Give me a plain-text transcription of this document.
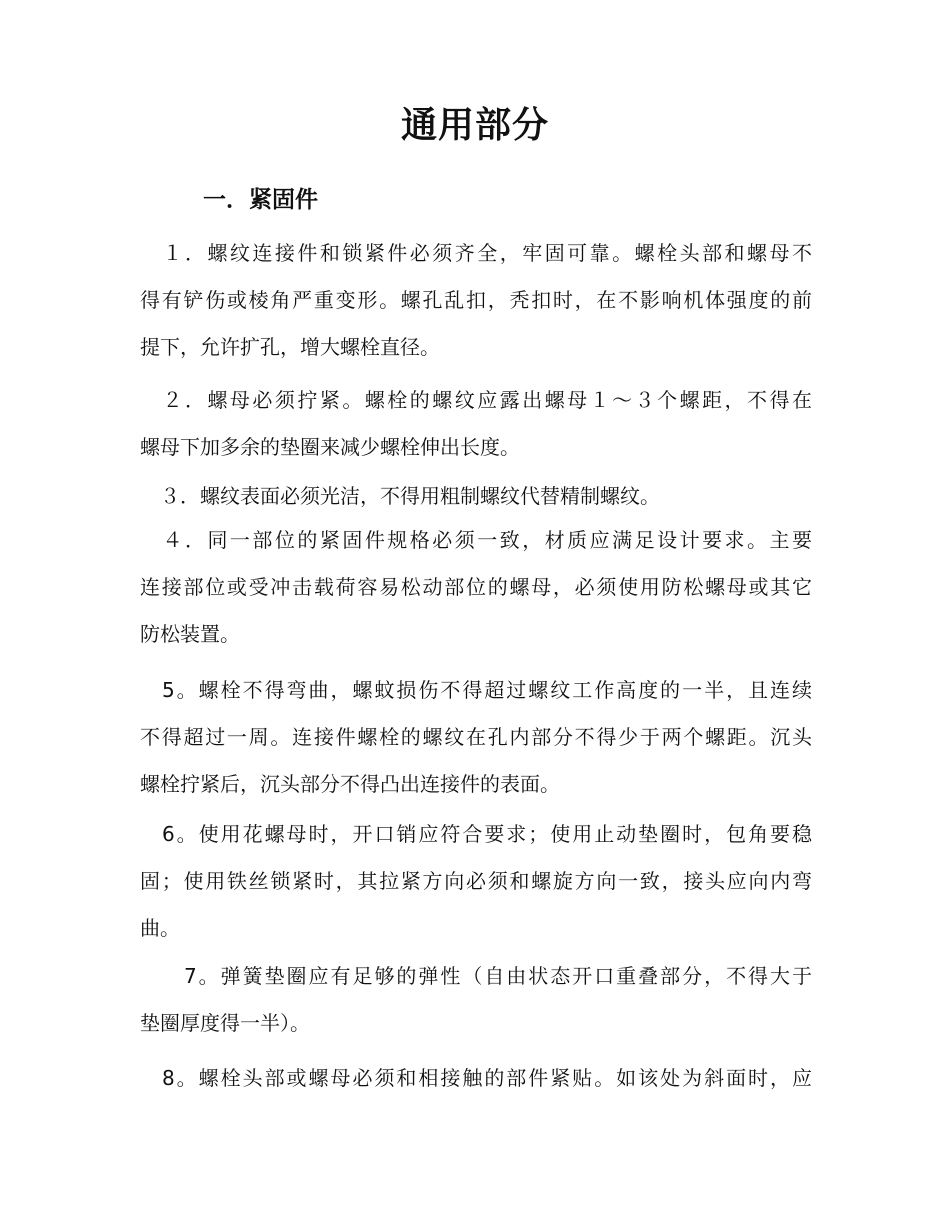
通用部分
一．紧固件
　１．螺纹连接件和锁紧件必须齐全，牢固可靠。螺栓头部和螺母不
得有铲伤或棱角严重变形。螺孔乱扣，秃扣时，在不影响机体强度的前
提下，允许扩孔，增大螺栓直径。
　２．螺母必须拧紧。螺栓的螺纹应露出螺母１～３个螺距，不得在
螺母下加多余的垫圈来减少螺栓伸出长度。
　３．螺纹表面必须光洁，不得用粗制螺纹代替精制螺纹。
　４．同一部位的紧固件规格必须一致，材质应满足设计要求。主要
连接部位或受冲击载荷容易松动部位的螺母，必须使用防松螺母或其它
防松装置。
　5。螺栓不得弯曲，螺蚊损伤不得超过螺纹工作高度的一半，且连续
不得超过一周。连接件螺栓的螺纹在孔内部分不得少于两个螺距。沉头
螺栓拧紧后，沉头部分不得凸出连接件的表面。
　6。使用花螺母时，开口销应符合要求；使用止动垫圈时，包角要稳
固；使用铁丝锁紧时，其拉紧方向必须和螺旋方向一致，接头应向内弯
曲。
　　7。弹簧垫圈应有足够的弹性（自由状态开口重叠部分，不得大于
垫圈厚度得一半）。
　8。螺栓头部或螺母必须和相接触的部件紧贴。如该处为斜面时，应
